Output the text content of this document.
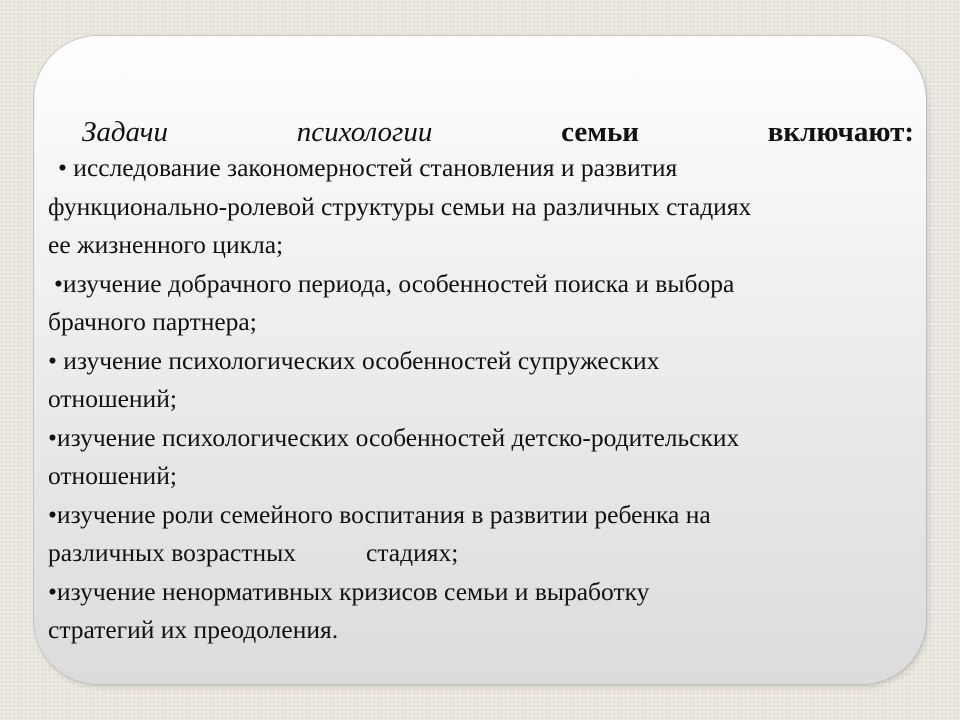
Задачи	психологии	семьи	включают:
• исследование закономерностей становления и развития
функционально-ролевой структуры семьи на различных стадиях
ее жизненного цикла;
•изучение добрачного периода, особенностей поиска и выбора
брачного партнера;
• изучение психологических особенностей супружеских
отношений;
•изучение психологических особенностей детско-родительских
отношений;
•изучение роли семейного воспитания в развитии ребенка на
различных возрастных	стадиях;
•изучение ненормативных кризисов семьи и выработку
стратегий их преодоления.
